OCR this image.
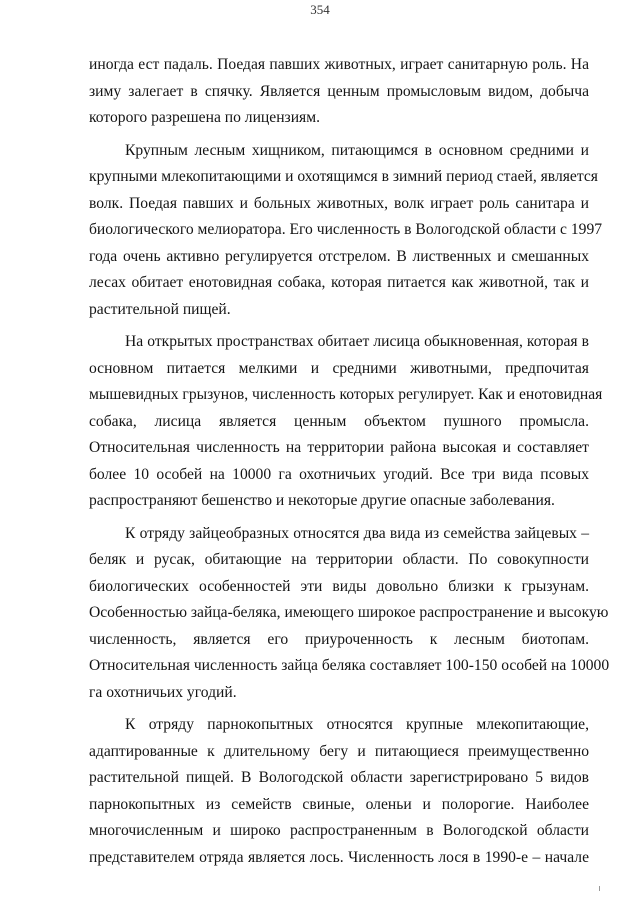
354
иногда ест падаль. Поедая павших животных, играет санитарную роль. На
зиму залегает в спячку. Является ценным промысловым видом, добыча
которого разрешена по лицензиям.
Крупным лесным хищником, питающимся в основном средними и
крупными млекопитающими и охотящимся в зимний период стаей, является
волк. Поедая павших и больных животных, волк играет роль санитара и
биологического мелиоратора. Его численность в Вологодской области с 1997
года очень активно регулируется отстрелом. В лиственных и смешанных
лесах обитает енотовидная собака, которая питается как животной, так и
растительной пищей.
На открытых пространствах обитает лисица обыкновенная, которая в
основном питается мелкими и средними животными, предпочитая
мышевидных грызунов, численность которых регулирует. Как и енотовидная
собака, лисица является ценным объектом пушного промысла.
Относительная численность на территории района высокая и составляет
более 10 особей на 10000 га охотничьих угодий. Все три вида псовых
распространяют бешенство и некоторые другие опасные заболевания.
К отряду зайцеобразных относятся два вида из семейства зайцевых –
беляк и русак, обитающие на территории области. По совокупности
биологических особенностей эти виды довольно близки к грызунам.
Особенностью зайца-беляка, имеющего широкое распространение и высокую
численность, является его приуроченность к лесным биотопам.
Относительная численность зайца беляка составляет 100-150 особей на 10000
га охотничьих угодий.
К отряду парнокопытных относятся крупные млекопитающие,
адаптированные к длительному бегу и питающиеся преимущественно
растительной пищей. В Вологодской области зарегистрировано 5 видов
парнокопытных из семейств свиные, оленьи и полорогие. Наиболее
многочисленным и широко распространенным в Вологодской области
представителем отряда является лось. Численность лося в 1990-е – начале
